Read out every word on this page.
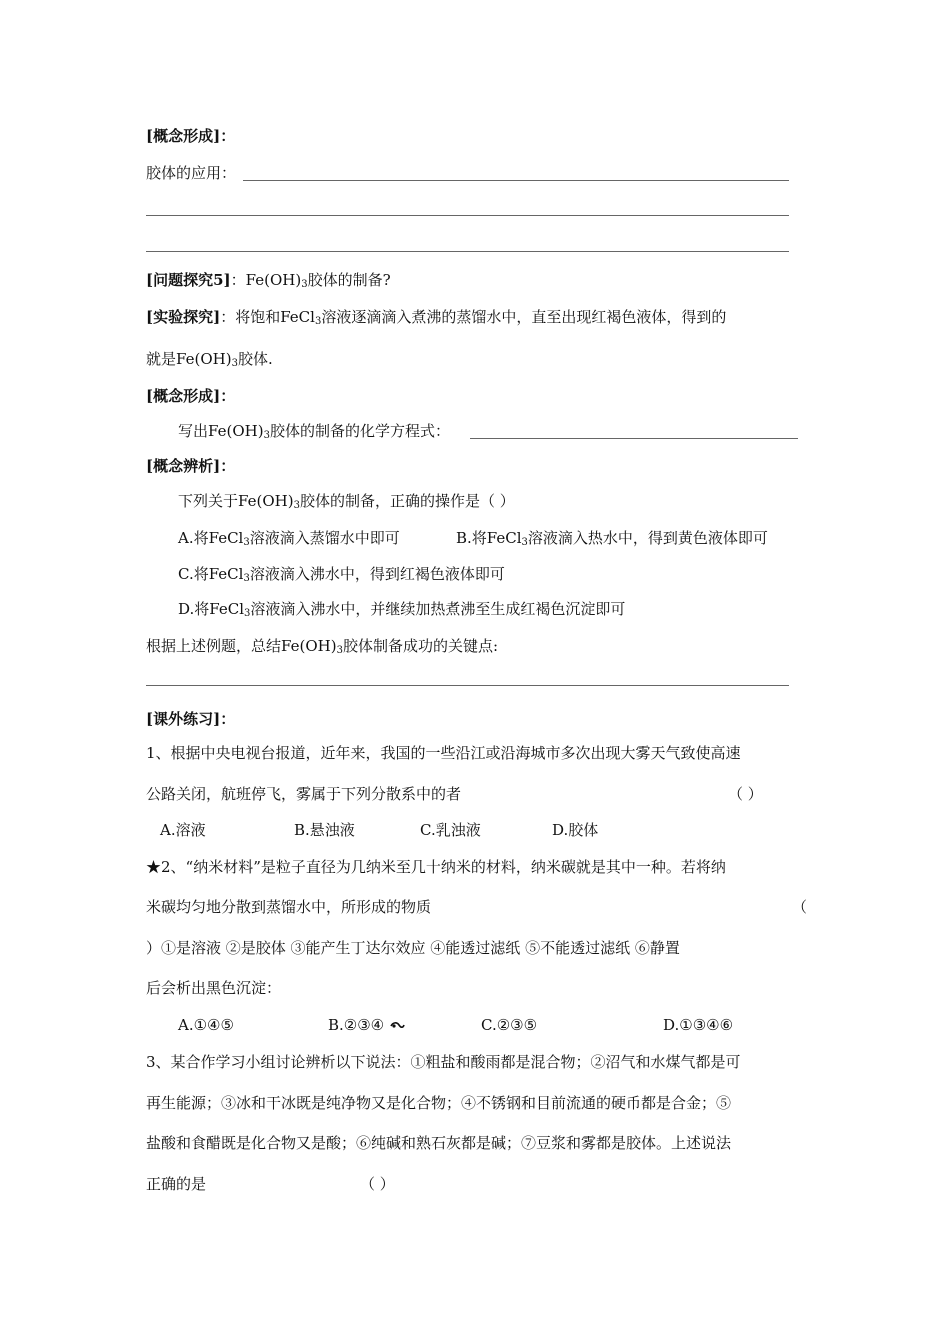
[概念形成]：
胶体的应用：
[问题探究5]：$Fe(OH)_3$胶体的制备?
[实验探究]：将饱和FeCl$_3$溶液逐滴滴入煮沸的蒸馏水中，直至出现红褐色液体，得到的
就是$Fe(OH)_3$胶体.
[概念形成]：
写出$Fe(OH)_3$胶体的制备的化学方程式：
[概念辨析]：
下列关于$Fe(OH)_3$胶体的制备，正确的操作是（ ）
A.将FeCl$_3$溶液滴入蒸馏水中即可	B.将FeCl$_3$溶液滴入热水中，得到黄色液体即可
C.将FeCl$_3$溶液滴入沸水中，得到红褐色液体即可
D.将FeCl$_3$溶液滴入沸水中，并继续加热煮沸至生成红褐色沉淀即可
根据上述例题，总结$Fe(OH)_3$胶体制备成功的关键点:
[课外练习]：
1、根据中央电视台报道，近年来，我国的一些沿江或沿海城市多次出现大雾天气致使高速
公路关闭，航班停飞，雾属于下列分散系中的者	（ ）
A.溶液	B.悬浊液	C.乳浊液	D.胶体
★2、“纳米材料”是粒子直径为几纳米至几十纳米的材料，纳米碳就是其中一种。若将纳
米碳均匀地分散到蒸馏水中，所形成的物质	（
）①是溶液 ②是胶体 ③能产生丁达尔效应 ④能透过滤纸 ⑤不能透过滤纸 ⑥静置
后会析出黑色沉淀：
A.①④⑤	B.②③④	C.②③⑤	D.①③④⑥
3、某合作学习小组讨论辨析以下说法：①粗盐和酸雨都是混合物；②沼气和水煤气都是可
再生能源；③冰和干冰既是纯净物又是化合物；④不锈钢和目前流通的硬币都是合金；⑤
盐酸和食醋既是化合物又是酸；⑥纯碱和熟石灰都是碱；⑦豆浆和雾都是胶体。上述说法
正确的是	（ ）
